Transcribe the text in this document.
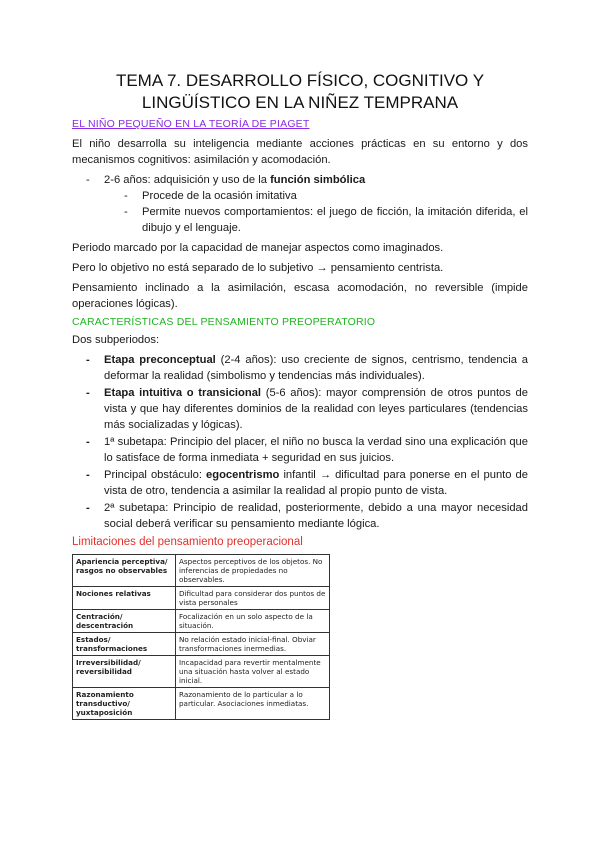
TEMA 7. DESARROLLO FÍSICO, COGNITIVO Y
LINGÜÍSTICO EN LA NIÑEZ TEMPRANA
EL NIÑO PEQUEÑO EN LA TEORÍA DE PIAGET

El niño desarrolla su inteligencia mediante acciones prácticas en su entorno y dos mecanismos cognitivos: asimilación y acomodación.

- 2-6 años: adquisición y uso de la función simbólica
- Procede de la ocasión imitativa
- Permite nuevos comportamientos: el juego de ficción, la imitación diferida, el dibujo y el lenguaje.

Periodo marcado por la capacidad de manejar aspectos como imaginados.

Pero lo objetivo no está separado de lo subjetivo → pensamiento centrista.

Pensamiento inclinado a la asimilación, escasa acomodación, no reversible (impide operaciones lógicas).

CARACTERÍSTICAS DEL PENSAMIENTO PREOPERATORIO

Dos subperiodos:

- Etapa preconceptual (2-4 años): uso creciente de signos, centrismo, tendencia a deformar la realidad (simbolismo y tendencias más individuales).
- Etapa intuitiva o transicional (5-6 años): mayor comprensión de otros puntos de vista y que hay diferentes dominios de la realidad con leyes particulares (tendencias más socializadas y lógicas).
- 1ª subetapa: Principio del placer, el niño no busca la verdad sino una explicación que lo satisface de forma inmediata + seguridad en sus juicios.
- Principal obstáculo: egocentrismo infantil → dificultad para ponerse en el punto de vista de otro, tendencia a asimilar la realidad al propio punto de vista.
- 2ª subetapa: Principio de realidad, posteriormente, debido a una mayor necesidad social deberá verificar su pensamiento mediante lógica.
Limitaciones del pensamiento preoperacional
Apariencia perceptiva/ rasgos no observables	Aspectos perceptivos de los objetos. No inferencias de propiedades no observables.
Nociones relativas	Dificultad para considerar dos puntos de vista personales
Centración/ descentración	Focalización en un solo aspecto de la situación.
Estados/ transformaciones	No relación estado inicial-final. Obviar transformaciones inermedias.
Irreversibilidad/ reversibilidad	Incapacidad para revertir mentalmente una situación hasta volver al estado inicial.
Razonamiento transductivo/ yuxtaposición	Razonamiento de lo particular a lo particular. Asociaciones inmediatas.
